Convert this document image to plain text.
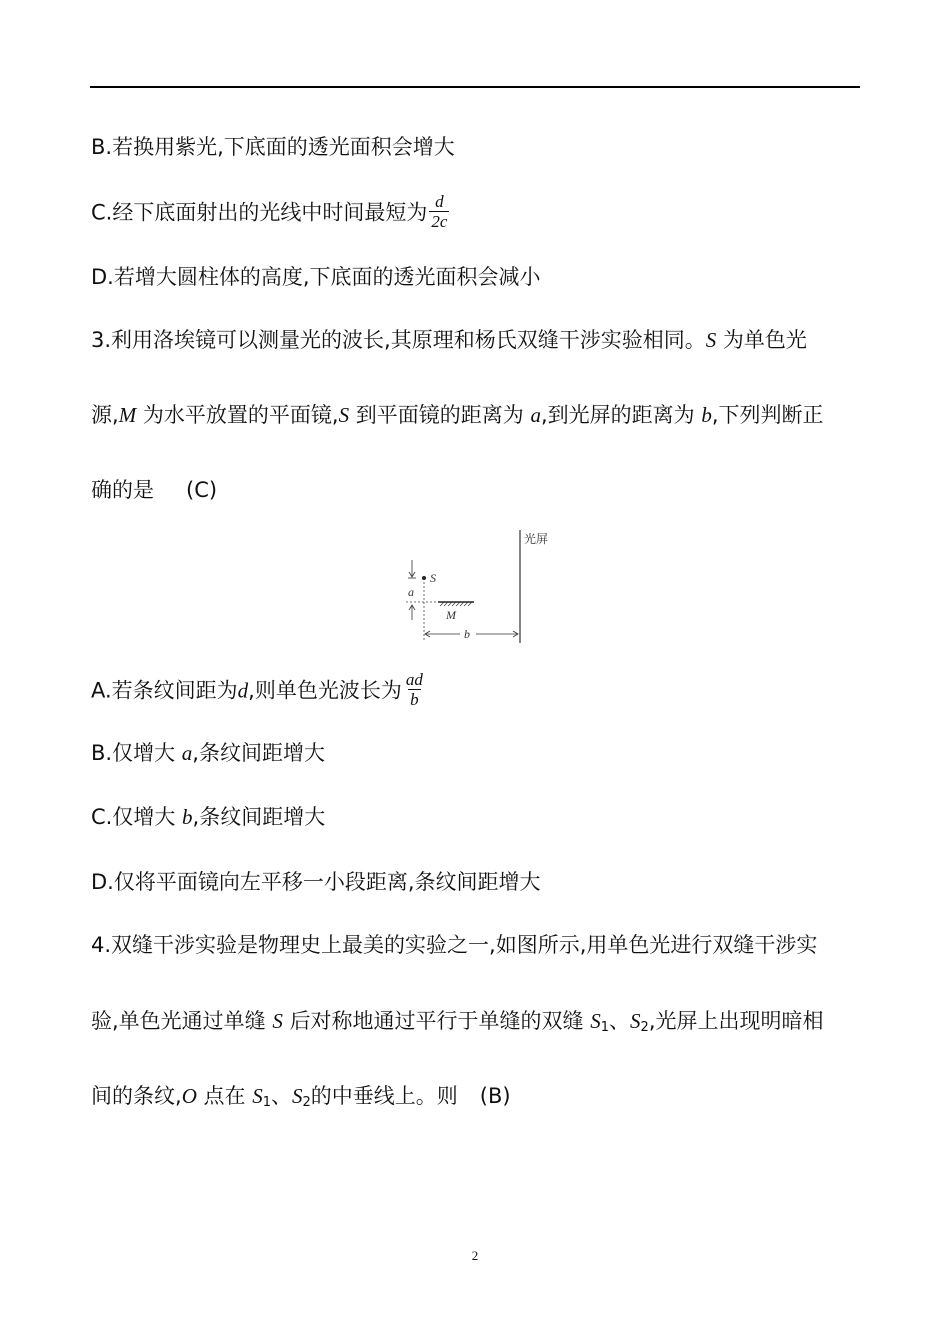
B.若换用紫光,下底面的透光面积会增大
C.经下底面射出的光线中时间最短为 $\frac{d}{2c}$
D.若增大圆柱体的高度,下底面的透光面积会减小
3.利用洛埃镜可以测量光的波长,其原理和杨氏双缝干涉实验相同。S 为单色光
源,M 为水平放置的平面镜,S 到平面镜的距离为 a,到光屏的距离为 b,下列判断正
确的是 (C)
光屏
S
a
M
b
A.若条纹间距为d,则单色光波长为 $\frac{ad}{b}$
B.仅增大 a,条纹间距增大
C.仅增大 b,条纹间距增大
D.仅将平面镜向左平移一小段距离,条纹间距增大
4.双缝干涉实验是物理史上最美的实验之一,如图所示,用单色光进行双缝干涉实
验,单色光通过单缝 S 后对称地通过平行于单缝的双缝 S1、S2,光屏上出现明暗相
间的条纹,O 点在 S1、S2的中垂线上。则 (B)
2
